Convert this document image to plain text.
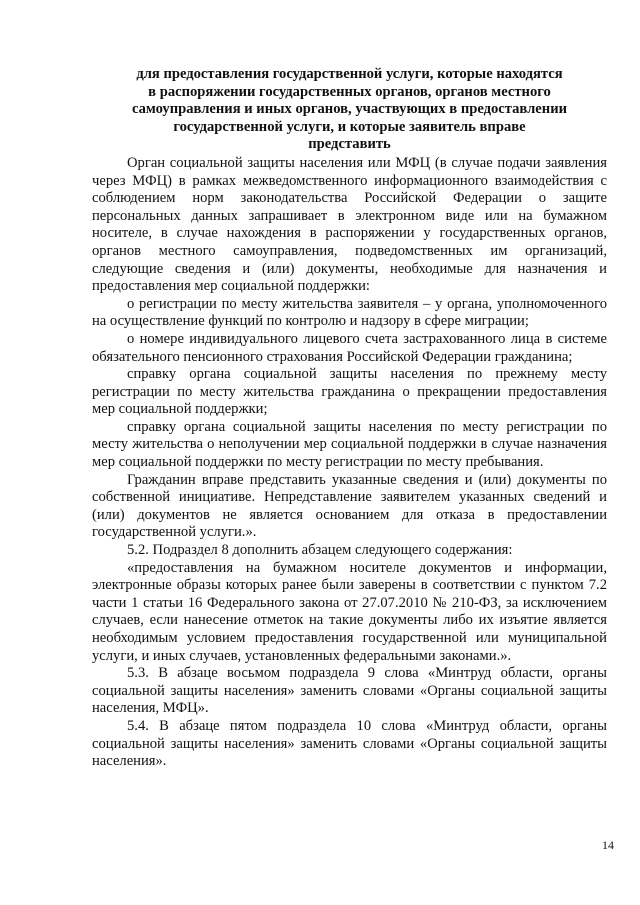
для предоставления государственной услуги, которые находятся
в распоряжении государственных органов, органов местного
самоуправления и иных органов, участвующих в предоставлении
государственной услуги, и которые заявитель вправе
представить

Орган социальной защиты населения или МФЦ (в случае подачи заявления через МФЦ) в рамках межведомственного информационного взаимодействия с соблюдением норм законодательства Российской Федерации о защите персональных данных запрашивает в электронном виде или на бумажном носителе, в случае нахождения в распоряжении у государственных органов, органов местного самоуправления, подведомственных им организаций, следующие сведения и (или) документы, необходимые для назначения и предоставления мер социальной поддержки:

о регистрации по месту жительства заявителя – у органа, уполномоченного на осуществление функций по контролю и надзору в сфере миграции;

о номере индивидуального лицевого счета застрахованного лица в системе обязательного пенсионного страхования Российской Федерации гражданина;

справку органа социальной защиты населения по прежнему месту регистрации по месту жительства гражданина о прекращении предоставления мер социальной поддержки;

справку органа социальной защиты населения по месту регистрации по месту жительства о неполучении мер социальной поддержки в случае назначения мер социальной поддержки по месту регистрации по месту пребывания.

Гражданин вправе представить указанные сведения и (или) документы по собственной инициативе. Непредставление заявителем указанных сведений и (или) документов не является основанием для отказа в предоставлении государственной услуги.».

5.2. Подраздел 8 дополнить абзацем следующего содержания:

«предоставления на бумажном носителе документов и информации, электронные образы которых ранее были заверены в соответствии с пунктом 7.2 части 1 статьи 16 Федерального закона от 27.07.2010 № 210-ФЗ, за исключением случаев, если нанесение отметок на такие документы либо их изъятие является необходимым условием предоставления государственной или муниципальной услуги, и иных случаев, установленных федеральными законами.».

5.3. В абзаце восьмом подраздела 9 слова «Минтруд области, органы социальной защиты населения» заменить словами «Органы социальной защиты населения, МФЦ».

5.4. В абзаце пятом подраздела 10 слова «Минтруд области, органы социальной защиты населения» заменить словами «Органы социальной защиты населения».

14
